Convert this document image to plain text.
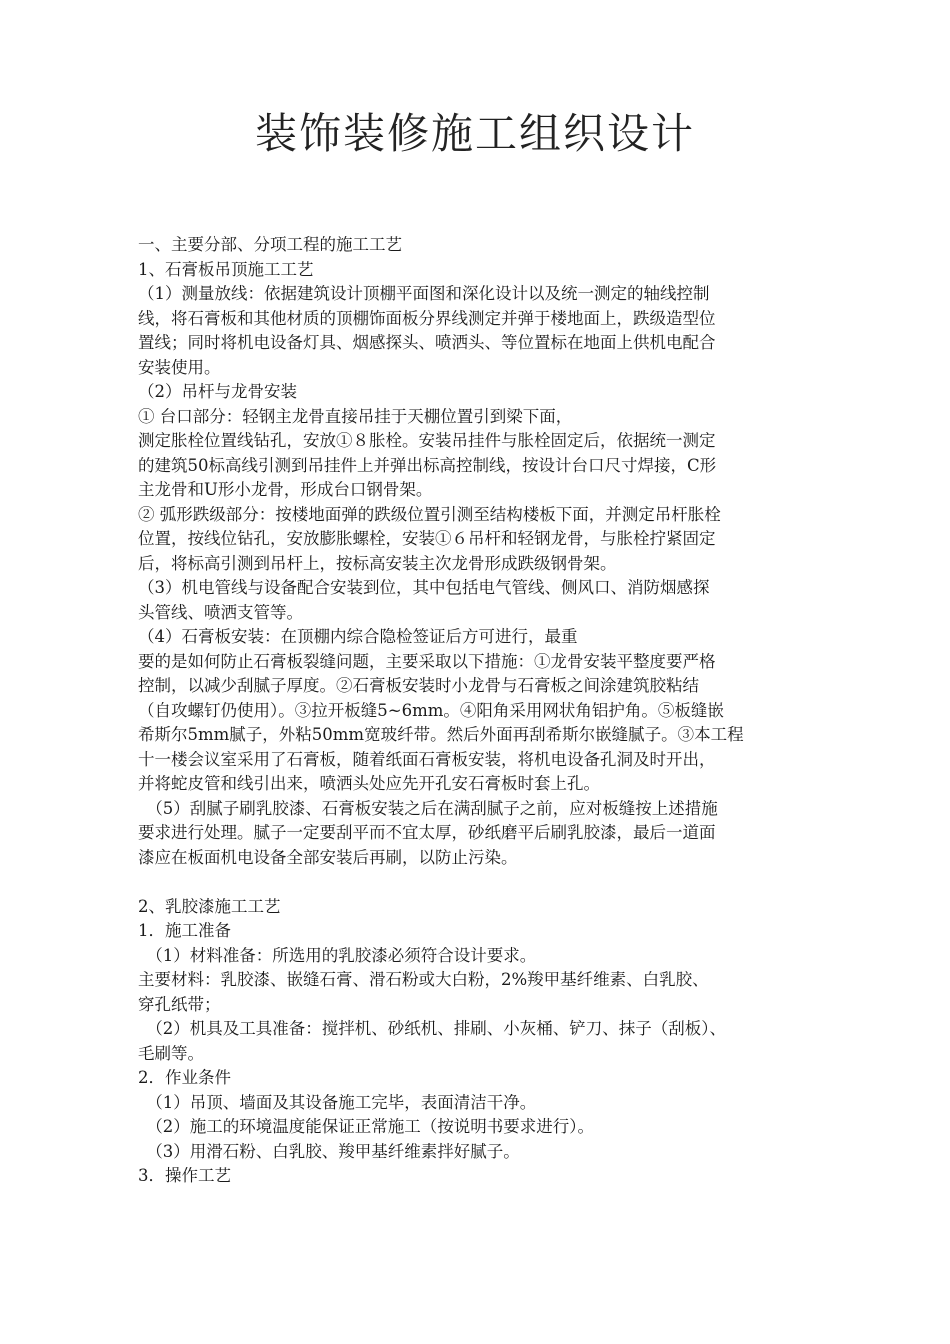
装饰装修施工组织设计
一、主要分部、分项工程的施工工艺
1、石膏板吊顶施工工艺
（1）测量放线：依据建筑设计顶棚平面图和深化设计以及统一测定的轴线控制
线，将石膏板和其他材质的顶棚饰面板分界线测定并弹于楼地面上，跌级造型位
置线；同时将机电设备灯具、烟感探头、喷洒头、等位置标在地面上供机电配合
安装使用。
（2）吊杆与龙骨安装
① 台口部分：轻钢主龙骨直接吊挂于天棚位置引到梁下面，
测定胀栓位置线钻孔，安放①８胀栓。安装吊挂件与胀栓固定后，依据统一测定
的建筑50标高线引测到吊挂件上并弹出标高控制线，按设计台口尺寸焊接，C形
主龙骨和U形小龙骨，形成台口钢骨架。
② 弧形跌级部分：按楼地面弹的跌级位置引测至结构楼板下面，并测定吊杆胀栓
位置，按线位钻孔，安放膨胀螺栓，安装①６吊杆和轻钢龙骨，与胀栓拧紧固定
后，将标高引测到吊杆上，按标高安装主次龙骨形成跌级钢骨架。
（3）机电管线与设备配合安装到位，其中包括电气管线、侧风口、消防烟感探
头管线、喷洒支管等。
（4）石膏板安装：在顶棚内综合隐检签证后方可进行，最重
要的是如何防止石膏板裂缝问题，主要采取以下措施：①龙骨安装平整度要严格
控制，以减少刮腻子厚度。②石膏板安装时小龙骨与石膏板之间涂建筑胶粘结
（自攻螺钉仍使用）。③拉开板缝5~6mm。④阳角采用网状角铝护角。⑤板缝嵌
希斯尔5mm腻子，外粘50mm宽玻纤带。然后外面再刮希斯尔嵌缝腻子。③本工程
十一楼会议室采用了石膏板，随着纸面石膏板安装，将机电设备孔洞及时开出，
并将蛇皮管和线引出来，喷洒头处应先开孔安石膏板时套上孔。
　（5）刮腻子刷乳胶漆、石膏板安装之后在满刮腻子之前，应对板缝按上述措施
要求进行处理。腻子一定要刮平而不宜太厚，砂纸磨平后刷乳胶漆，最后一道面
漆应在板面机电设备全部安装后再刷，以防止污染。
2、乳胶漆施工工艺
1．施工准备
　（1）材料准备：所选用的乳胶漆必须符合设计要求。
主要材料：乳胶漆、嵌缝石膏、滑石粉或大白粉，2%羧甲基纤维素、白乳胶、
穿孔纸带；
　（2）机具及工具准备：搅拌机、砂纸机、排刷、小灰桶、铲刀、抹子（刮板）、
毛刷等。
2．作业条件
　（1）吊顶、墙面及其设备施工完毕，表面清洁干净。
　（2）施工的环境温度能保证正常施工（按说明书要求进行）。
　（3）用滑石粉、白乳胶、羧甲基纤维素拌好腻子。
3．操作工艺
